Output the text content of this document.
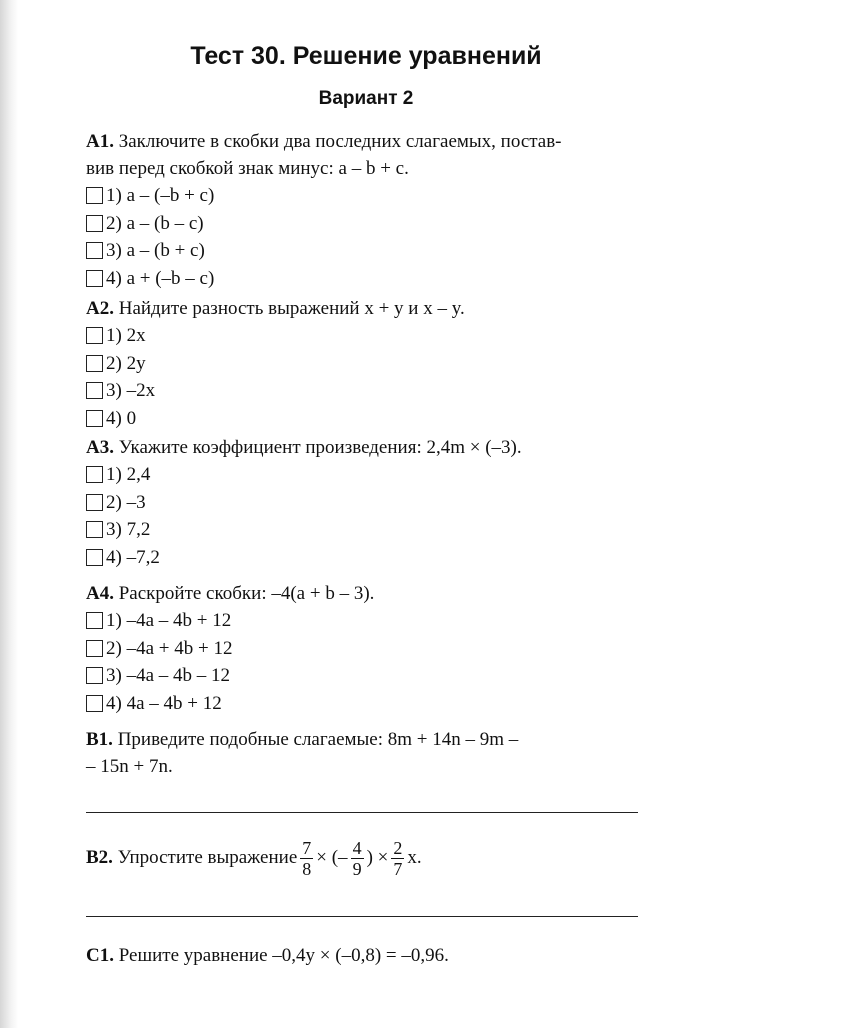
Тест 30. Решение уравнений
Вариант 2
A1. Заключите в скобки два последних слагаемых, постав-
вив перед скобкой знак минус: a – b + c.
1) a – (–b + c)
2) a – (b – c)
3) a – (b + c)
4) a + (–b – c)
A2. Найдите разность выражений x + y и x – y.
1) 2x
2) 2y
3) –2x
4) 0
A3. Укажите коэффициент произведения: 2,4m × (–3).
1) 2,4
2) –3
3) 7,2
4) –7,2
A4. Раскройте скобки: –4(a + b – 3).
1) –4a – 4b + 12
2) –4a + 4b + 12
3) –4a – 4b – 12
4) 4a – 4b + 12
B1. Приведите подобные слагаемые: 8m + 14n – 9m –
– 15n + 7n.
B2.
Упростите выражение $\frac{7}{8}$ × (– $\frac{4}{9}$ ) × $\frac{2}{7} x$.
C1. Решите уравнение –0,4y × (–0,8) = –0,96.
